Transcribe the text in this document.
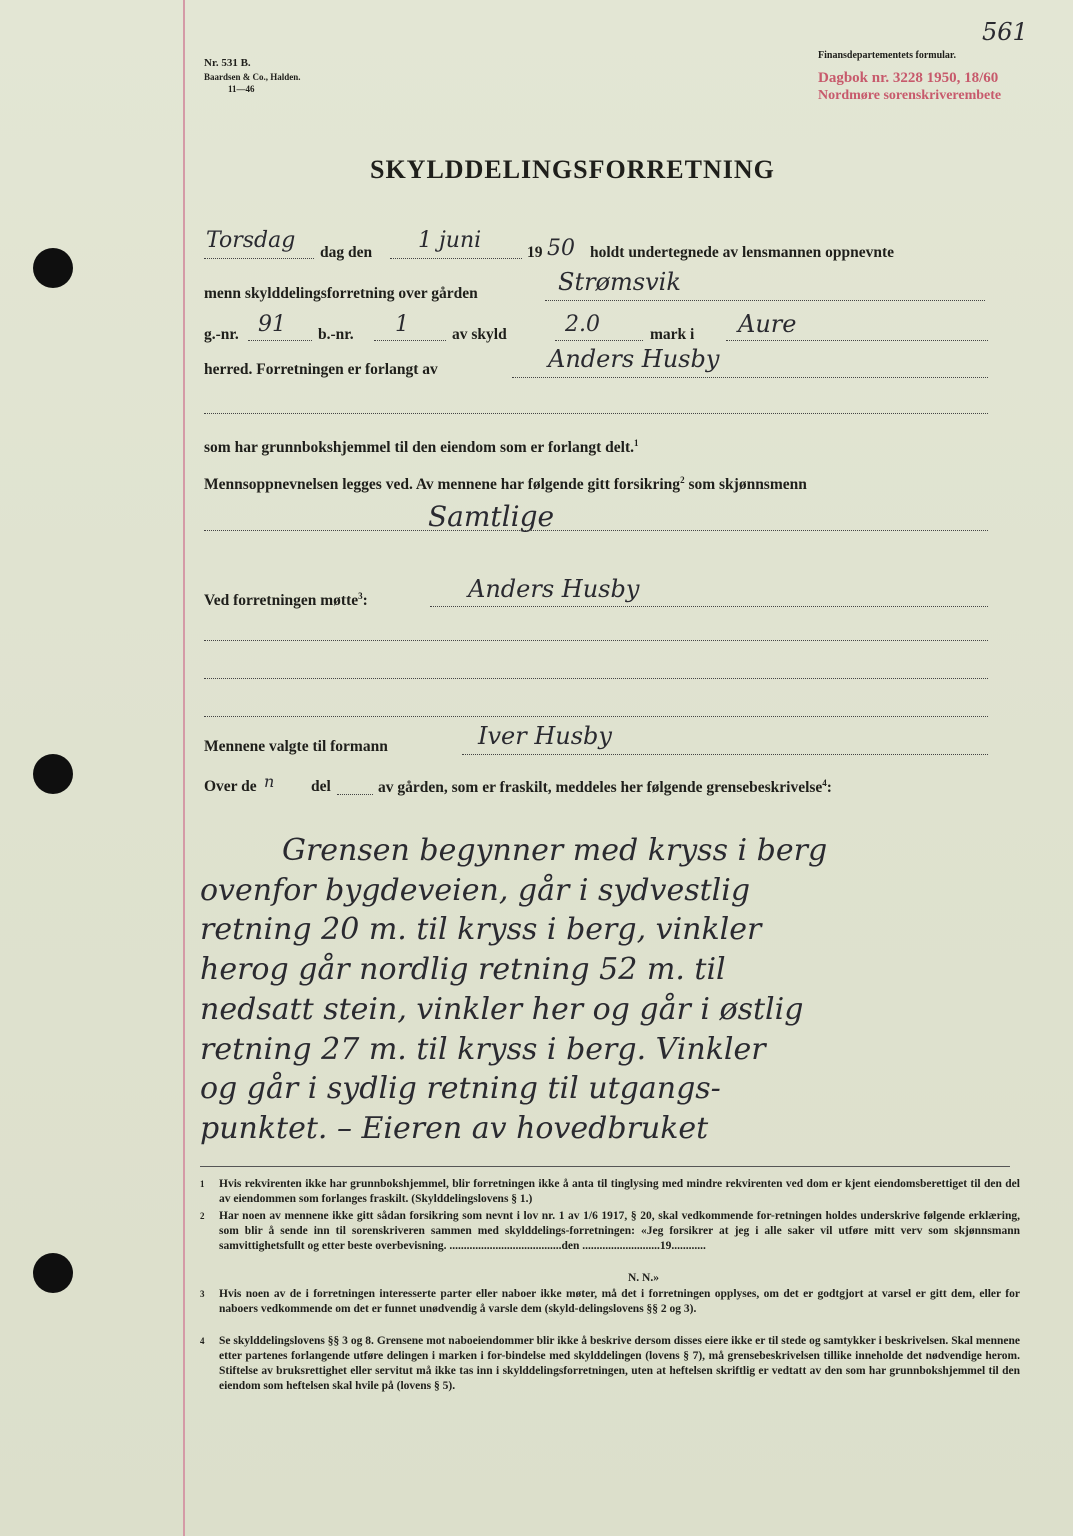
Nr. 531 B.
Baardsen & Co., Halden.
11—46
Finansdepartementets formular.
561
Dagbok nr. 3228 1950, 18/60
Nordmøre sorenskriverembete
SKYLDDELINGSFORRETNING
Torsdag dag den 1 juni	19 50 holdt undertegnede av lensmannen oppnevnte
menn skylddelingsforretning over gården	Strømsvik
g.-nr. 91 b.-nr. 1	av skyld	2.0	mark i Aure
herred. Forretningen er forlangt av	Anders Husby
som har grunnbokshjemmel til den eiendom som er forlangt delt.$^1$
Mennsoppnevnelsen legges ved. Av mennene har følgende gitt forsikring$^2$ som skjønnsmenn
Samtlige
Ved forretningen møtte$^3$:	Anders Husby
Mennene valgte til formann	Iver Husby
Over de n del	av gården, som er fraskilt, meddeles her følgende grensebeskrivelse$^4$:
Grensen begynner med kryss i berg
ovenfor bygdeveien, går i sydvestlig
retning 20 m. til kryss i berg, vinkler
herog går nordlig retning 52 m. til
nedsatt stein, vinkler her og går i østlig
retning 27 m. til kryss i berg. Vinkler
og går i sydlig retning til utgangs-
punktet. – Eieren av hovedbruket
1 Hvis rekvirenten ikke har grunnbokshjemmel, blir forretningen ikke å anta til tinglysing med mindre rekvirenten ved dom er kjent eiendomsberettiget til den del av eiendommen som forlanges fraskilt. (Skylddelingslovens § 1.)
2 Har noen av mennene ikke gitt sådan forsikring som nevnt i lov nr. 1 av 1/6 1917, § 20, skal vedkommende for-retningen holdes underskrive følgende erklæring, som blir å sende inn til sorenskriveren sammen med skylddelings-forretningen: «Jeg forsikrer at jeg i alle saker vil utføre mitt verv som skjønnsmann samvittighetsfullt og etter beste overbevisning. .......................................den ...........................19............
N. N.»
3 Hvis noen av de i forretningen interesserte parter eller naboer ikke møter, må det i forretningen opplyses, om det er godtgjort at varsel er gitt dem, eller for naboers vedkommende om det er funnet unødvendig å varsle dem (skyld-delingslovens §§ 2 og 3).
4 Se skylddelingslovens §§ 3 og 8. Grensene mot naboeiendommer blir ikke å beskrive dersom disses eiere ikke er til stede og samtykker i beskrivelsen. Skal mennene etter partenes forlangende utføre delingen i marken i for-bindelse med skylddelingen (lovens § 7), må grensebeskrivelsen tillike inneholde det nødvendige herom. Stiftelse av bruksrettighet eller servitut må ikke tas inn i skylddelingsforretningen, uten at heftelsen skriftlig er vedtatt av den som har grunnbokshjemmel til den eiendom som heftelsen skal hvile på (lovens § 5).
